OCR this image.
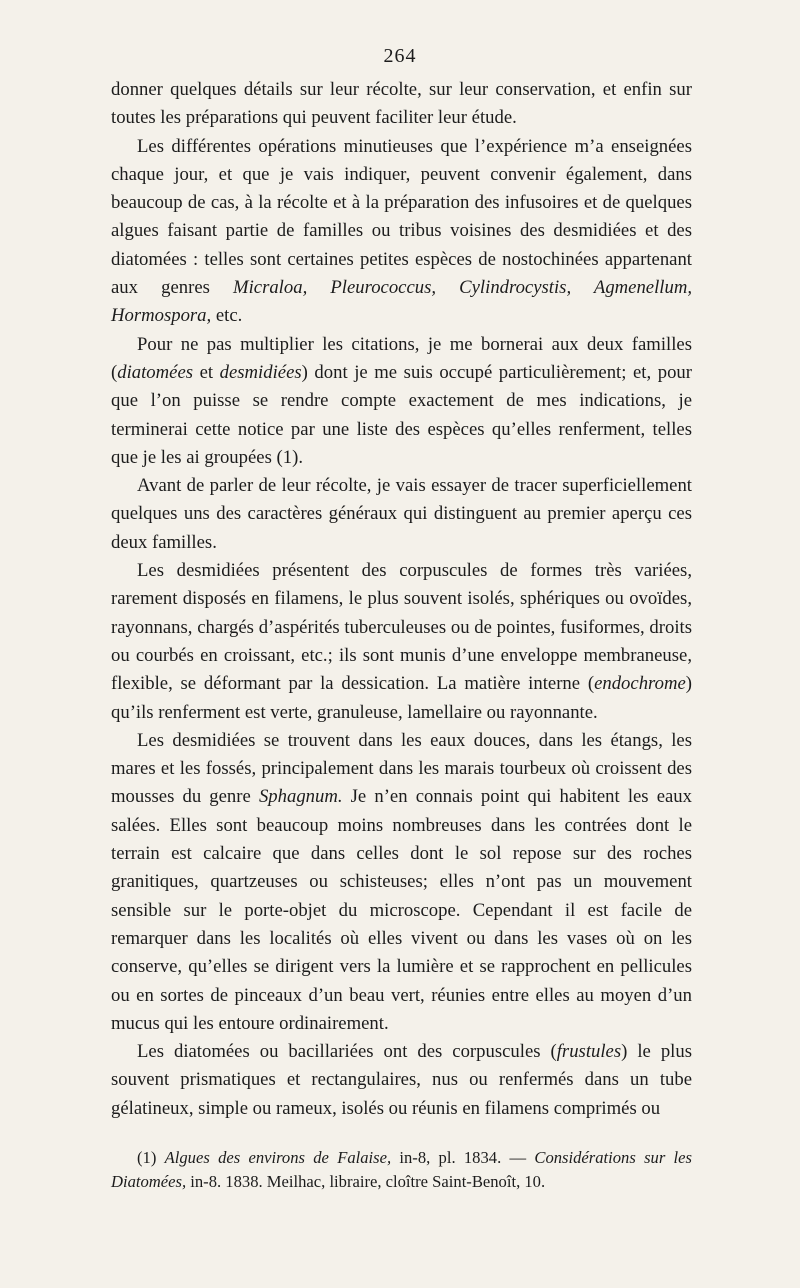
264

donner quelques détails sur leur récolte, sur leur conservation, et enfin sur toutes les préparations qui peuvent faciliter leur étude.

Les différentes opérations minutieuses que l’expérience m’a enseignées chaque jour, et que je vais indiquer, peuvent convenir également, dans beaucoup de cas, à la récolte et à la préparation des infusoires et de quelques algues faisant partie de familles ou tribus voisines des desmidiées et des diatomées : telles sont certaines petites espèces de nostochinées appartenant aux genres Micraloa, Pleurococcus, Cylindrocystis, Agmenellum, Hormospora, etc.

Pour ne pas multiplier les citations, je me bornerai aux deux familles (diatomées et desmidiées) dont je me suis occupé particulièrement; et, pour que l’on puisse se rendre compte exactement de mes indications, je terminerai cette notice par une liste des espèces qu’elles renferment, telles que je les ai groupées (1).

Avant de parler de leur récolte, je vais essayer de tracer superficiellement quelques uns des caractères généraux qui distinguent au premier aperçu ces deux familles.

Les desmidiées présentent des corpuscules de formes très variées, rarement disposés en filamens, le plus souvent isolés, sphériques ou ovoïdes, rayonnans, chargés d’aspérités tuberculeuses ou de pointes, fusiformes, droits ou courbés en croissant, etc.; ils sont munis d’une enveloppe membraneuse, flexible, se déformant par la dessication. La matière interne (endochrome) qu’ils renferment est verte, granuleuse, lamellaire ou rayonnante.

Les desmidiées se trouvent dans les eaux douces, dans les étangs, les mares et les fossés, principalement dans les marais tourbeux où croissent des mousses du genre Sphagnum. Je n’en connais point qui habitent les eaux salées. Elles sont beaucoup moins nombreuses dans les contrées dont le terrain est calcaire que dans celles dont le sol repose sur des roches granitiques, quartzeuses ou schisteuses; elles n’ont pas un mouvement sensible sur le porte-objet du microscope. Cependant il est facile de remarquer dans les localités où elles vivent ou dans les vases où on les conserve, qu’elles se dirigent vers la lumière et se rapprochent en pellicules ou en sortes de pinceaux d’un beau vert, réunies entre elles au moyen d’un mucus qui les entoure ordinairement.

Les diatomées ou bacillariées ont des corpuscules (frustules) le plus souvent prismatiques et rectangulaires, nus ou renfermés dans un tube gélatineux, simple ou rameux, isolés ou réunis en filamens comprimés ou

(1) Algues des environs de Falaise, in-8, pl. 1834. — Considérations sur les Diatomées, in-8. 1838. Meilhac, libraire, cloître Saint-Benoît, 10.
